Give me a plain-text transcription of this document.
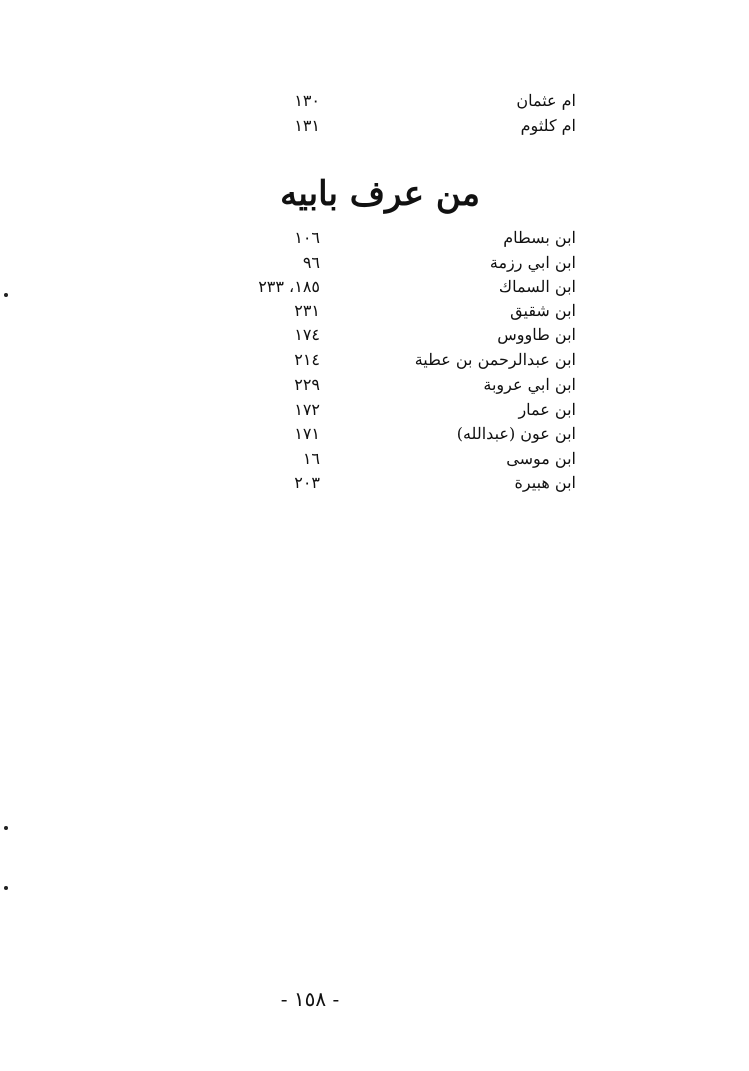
ام عثمان
١٣٠
ام كلثوم
١٣١
من عرف بابيه
ابن بسطام
١٠٦
ابن ابي رزمة
٩٦
ابن السماك
١٨٥، ٢٣٣
ابن شقيق
٢٣١
ابن طاووس
١٧٤
ابن عبدالرحمن بن عطية
٢١٤
ابن ابي عروبة
٢٢٩
ابن عمار
١٧٢
ابن عون (عبدالله)
١٧١
ابن موسى
١٦
ابن هبيرة
٢٠٣
- ١٥٨ -
